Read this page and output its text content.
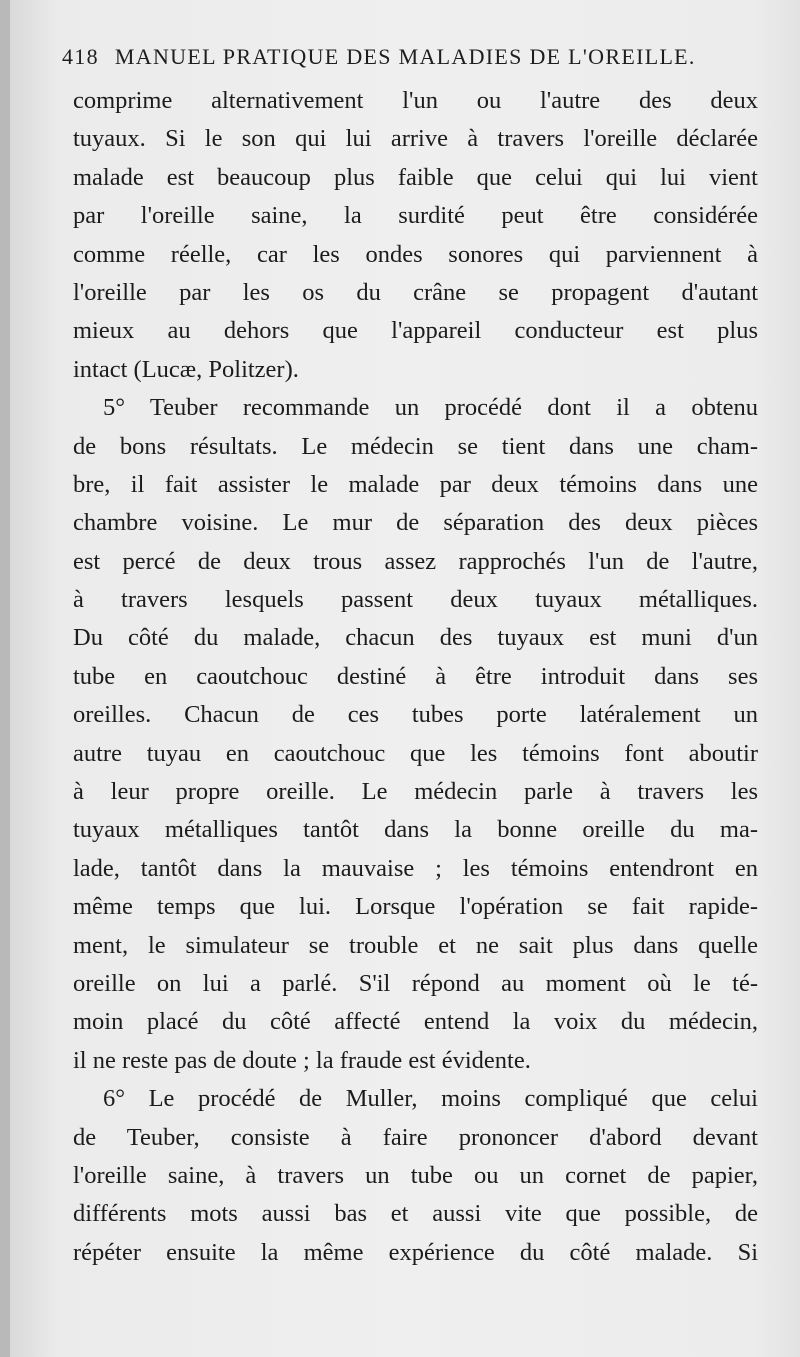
418 MANUEL PRATIQUE DES MALADIES DE L'OREILLE.
comprime alternativement l'un ou l'autre des deux
tuyaux. Si le son qui lui arrive à travers l'oreille déclarée
malade est beaucoup plus faible que celui qui lui vient
par l'oreille saine, la surdité peut être considérée
comme réelle, car les ondes sonores qui parviennent à
l'oreille par les os du crâne se propagent d'autant
mieux au dehors que l'appareil conducteur est plus
intact (Lucæ, Politzer).
5° Teuber recommande un procédé dont il a obtenu
de bons résultats. Le médecin se tient dans une cham-
bre, il fait assister le malade par deux témoins dans une
chambre voisine. Le mur de séparation des deux pièces
est percé de deux trous assez rapprochés l'un de l'autre,
à travers lesquels passent deux tuyaux métalliques.
Du côté du malade, chacun des tuyaux est muni d'un
tube en caoutchouc destiné à être introduit dans ses
oreilles. Chacun de ces tubes porte latéralement un
autre tuyau en caoutchouc que les témoins font aboutir
à leur propre oreille. Le médecin parle à travers les
tuyaux métalliques tantôt dans la bonne oreille du ma-
lade, tantôt dans la mauvaise ; les témoins entendront en
même temps que lui. Lorsque l'opération se fait rapide-
ment, le simulateur se trouble et ne sait plus dans quelle
oreille on lui a parlé. S'il répond au moment où le té-
moin placé du côté affecté entend la voix du médecin,
il ne reste pas de doute ; la fraude est évidente.
6° Le procédé de Muller, moins compliqué que celui
de Teuber, consiste à faire prononcer d'abord devant
l'oreille saine, à travers un tube ou un cornet de papier,
différents mots aussi bas et aussi vite que possible, de
répéter ensuite la même expérience du côté malade. Si
